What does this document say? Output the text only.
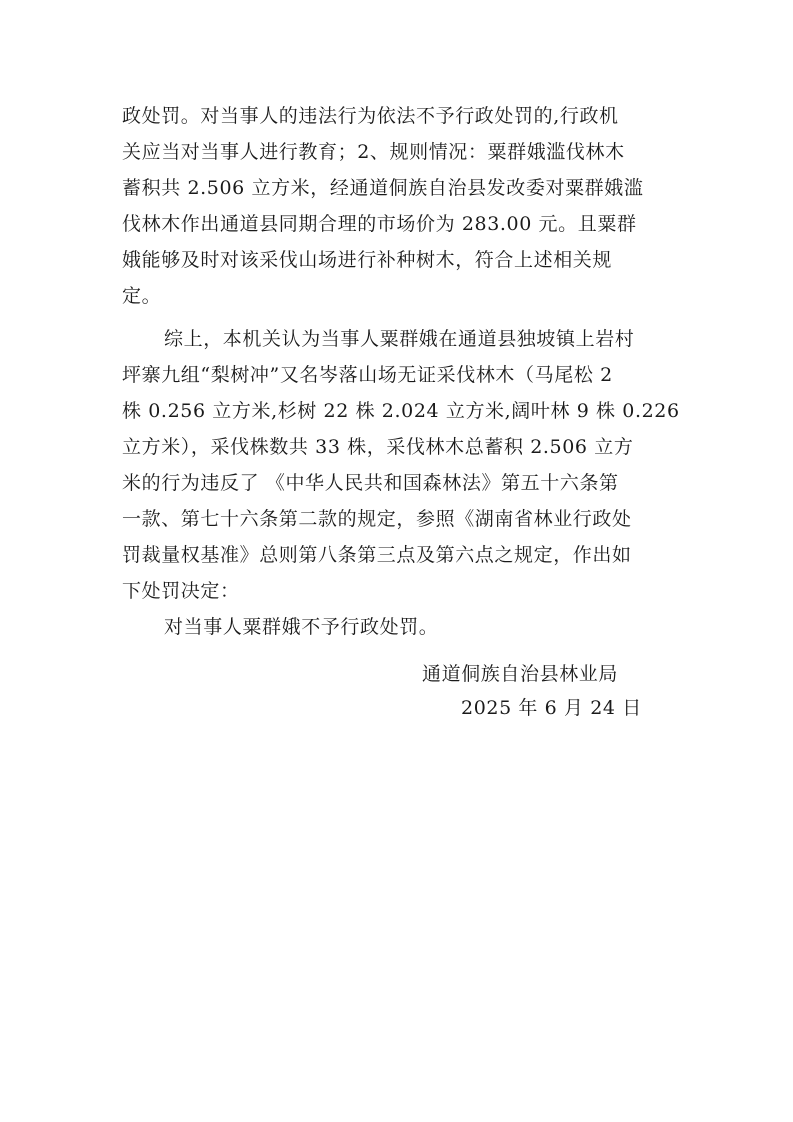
政处罚。对当事人的违法行为依法不予行政处罚的,行政机
关应当对当事人进行教育；2、规则情况：粟群娥滥伐林木
蓄积共 2.506 立方米，经通道侗族自治县发改委对粟群娥滥
伐林木作出通道县同期合理的市场价为 283.00 元。且粟群
娥能够及时对该采伐山场进行补种树木，符合上述相关规
定。
综上，本机关认为当事人粟群娥在通道县独坡镇上岩村
坪寨九组“梨树冲”又名岑落山场无证采伐林木（马尾松 2
株 0.256 立方米,杉树 22 株 2.024 立方米,阔叶林 9 株 0.226
立方米），采伐株数共 33 株，采伐林木总蓄积 2.506 立方
米的行为违反了 《中华人民共和国森林法》第五十六条第
一款、第七十六条第二款的规定，参照《湖南省林业行政处
罚裁量权基准》总则第八条第三点及第六点之规定，作出如
下处罚决定：
对当事人粟群娥不予行政处罚。
通道侗族自治县林业局
2025 年 6 月 24 日
